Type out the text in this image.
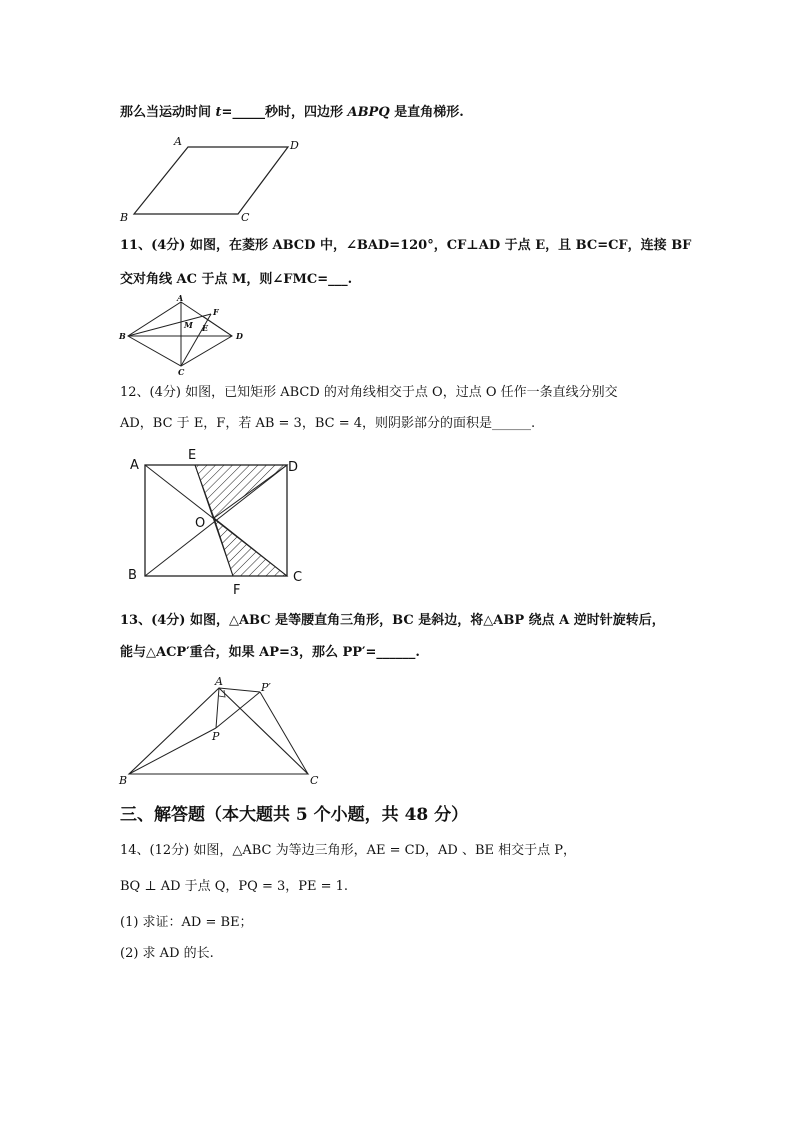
那么当运动时间 t=_____秒时，四边形 ABPQ 是直角梯形.
A	D
B	C
11、(4分) 如图，在菱形 ABCD 中，∠BAD=120°，CF⊥AD 于点 E，且 BC=CF，连接 BF
交对角线 AC 于点 M，则∠FMC=___.
A
B
C
D
M E
F
12、(4分) 如图，已知矩形 ABCD 的对角线相交于点 O，过点 O 任作一条直线分别交
AD，BC 于 E，F，若 AB = 3，BC = 4，则阴影部分的面积是______.
A
E
D
O
B
F
C
13、(4分) 如图，△ABC 是等腰直角三角形，BC 是斜边，将△ABP 绕点 A 逆时针旋转后，
能与△ACP′重合，如果 AP=3，那么 PP′=______.
A	P′
P
B	C
三、解答题（本大题共 5 个小题，共 48 分）
14、(12分) 如图，△ABC 为等边三角形，AE = CD，AD 、BE 相交于点 P，
BQ ⊥ AD 于点 Q，PQ = 3，PE = 1.
(1) 求证：AD = BE；
(2) 求 AD 的长.
